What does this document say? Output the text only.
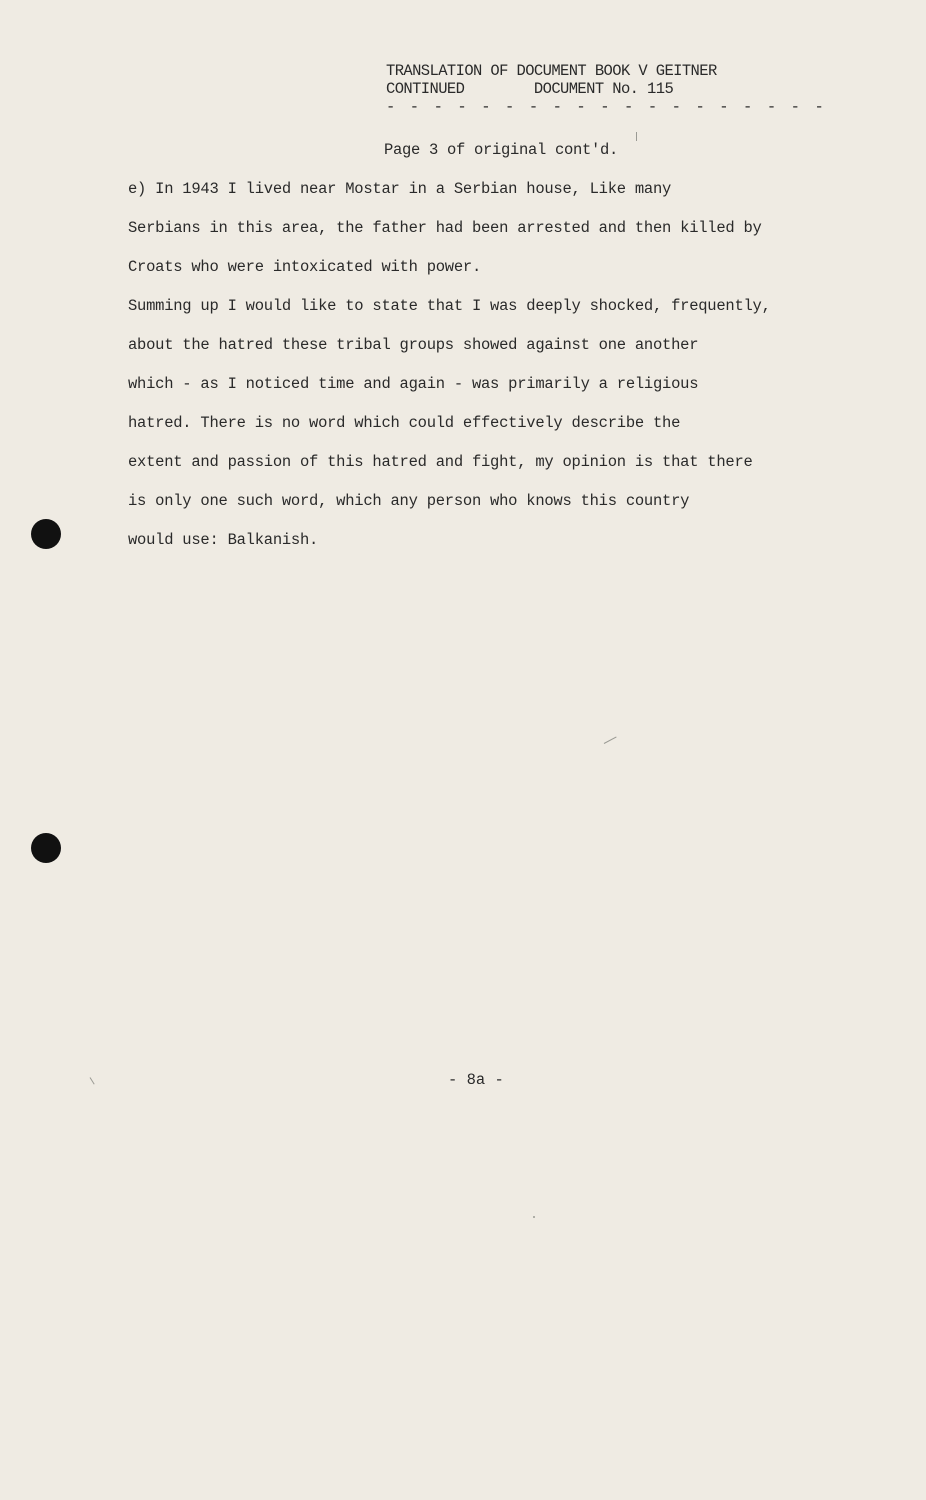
TRANSLATION OF DOCUMENT BOOK V GEITNER
CONTINUED        DOCUMENT No. 115
- - - - - - - - - - - - - - - - - - -
Page 3 of original cont'd.
e) In 1943 I lived near Mostar in a Serbian house, Like many
Serbians in this area, the father had been arrested and then killed by
Croats who were intoxicated with power.
Summing up I would like to state that I was deeply shocked, frequently,
about the hatred these tribal groups showed against one another
which - as I noticed time and again - was primarily a religious
hatred. There is no word which could effectively describe the
extent and passion of this hatred and fight, my opinion is that there
is only one such word, which any person who knows this country
would use: Balkanish.
- 8a -
